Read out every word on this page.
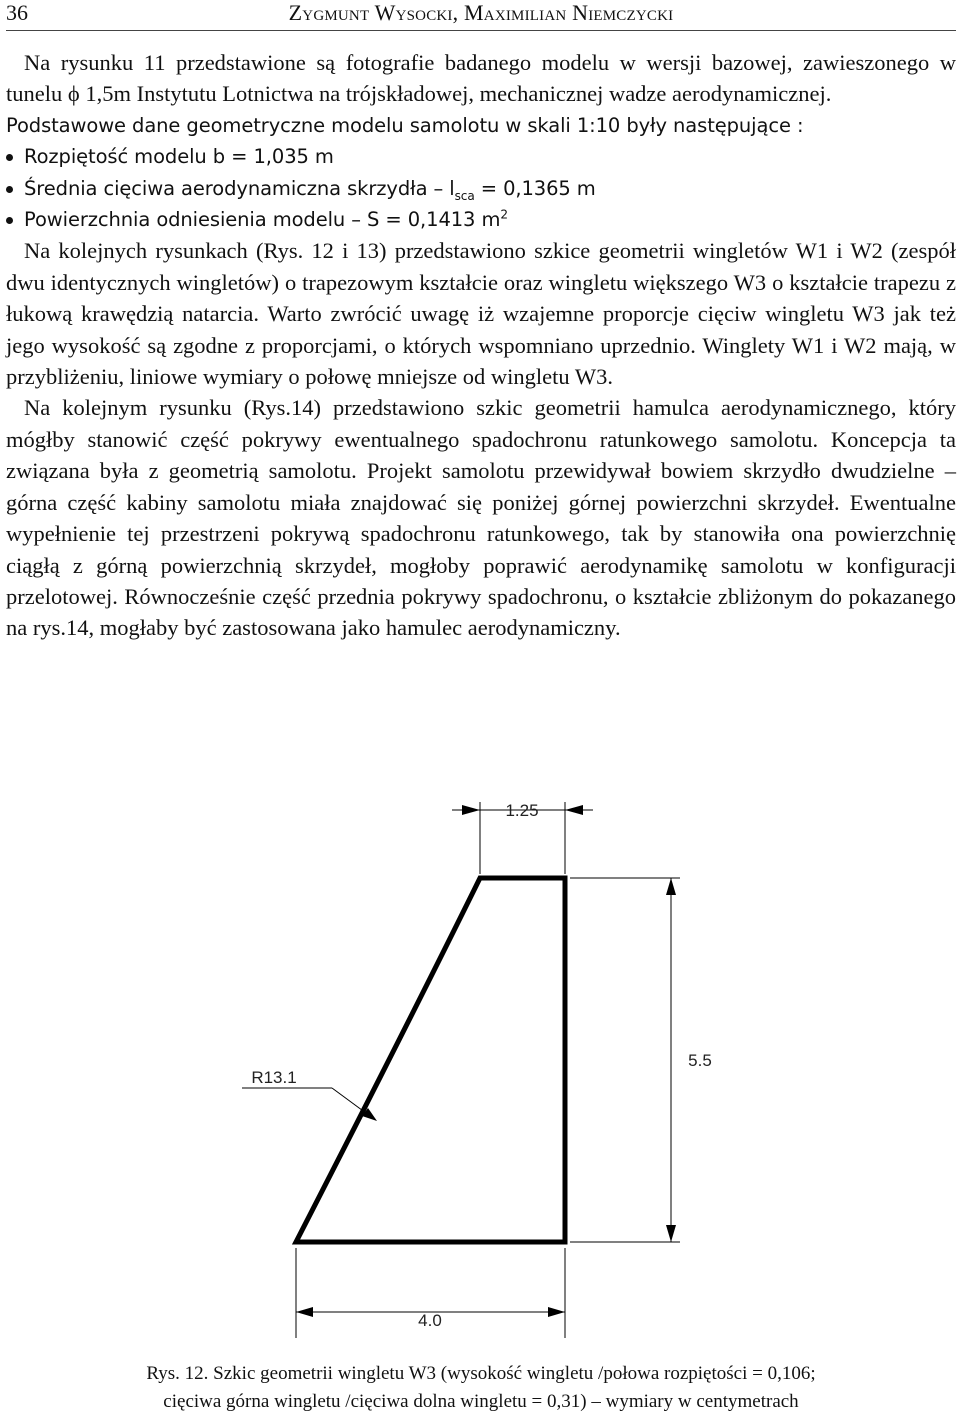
36	Zygmunt Wysocki, Maximilian Niemczycki

Na rysunku 11 przedstawione są fotografie badanego modelu w wersji bazowej, zawieszonego w tunelu ϕ 1,5m Instytutu Lotnictwa na trójskładowej, mechanicznej wadze aerodynamicznej.

Podstawowe dane geometryczne modelu samolotu w skali 1:10 były następujące :

Rozpiętość modelu b = 1,035 m
Średnia cięciwa aerodynamiczna skrzydła – $l_{sca} = 0,1365$ m
Powierzchnia odniesienia modelu – S = 0,1413 $m^2$

Na kolejnych rysunkach (Rys. 12 i 13) przedstawiono szkice geometrii wingletów W1 i W2 (zespół dwu identycznych wingletów) o trapezowym kształcie oraz wingletu większego W3 o kształcie trapezu z łukową krawędzią natarcia. Warto zwrócić uwagę iż wzajemne proporcje cięciw wingletu W3 jak też jego wysokość są zgodne z proporcjami, o których wspomniano uprzednio. Winglety W1 i W2 mają, w przybliżeniu, liniowe wymiary o połowę mniejsze od wingletu W3.

Na kolejnym rysunku (Rys.14) przedstawiono szkic geometrii hamulca aerodynamicznego, który mógłby stanowić część pokrywy ewentualnego spadochronu ratunkowego samolotu. Koncepcja ta związana była z geometrią samolotu. Projekt samolotu przewidywał bowiem skrzydło dwudzielne – górna część kabiny samolotu miała znajdować się poniżej górnej powierzchni skrzydeł. Ewentualne wypełnienie tej przestrzeni pokrywą spadochronu ratunkowego, tak by stanowiła ona powierzchnię ciągłą z górną powierzchnią skrzydeł, mogłoby poprawić aerodynamikę samolotu w konfiguracji przelotowej. Równocześnie część przednia pokrywy spadochronu, o kształcie zbliżonym do pokazanego na rys.14, mogłaby być zastosowana jako hamulec aerodynamiczny.

1.25
5.5
R13.1
4.0
Rys. 12. Szkic geometrii wingletu W3 (wysokość wingletu /połowa rozpiętości = 0,106;
cięciwa górna wingletu /cięciwa dolna wingletu = 0,31) – wymiary w centymetrach
